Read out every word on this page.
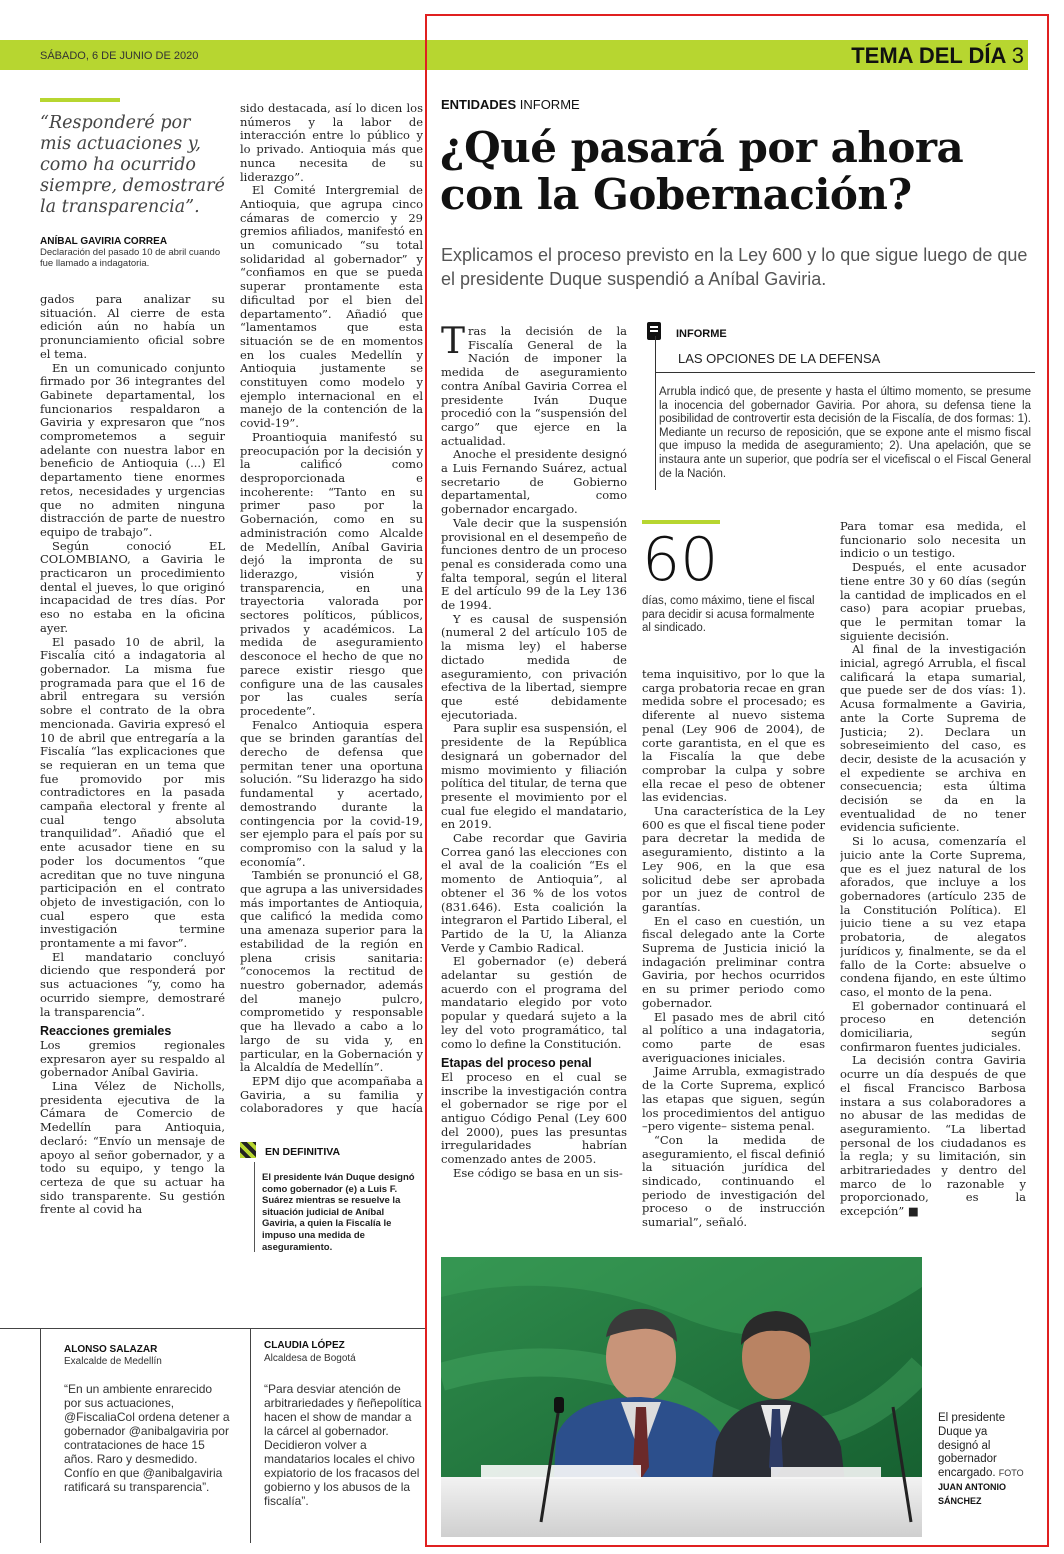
SÁBADO, 6 DE JUNIO DE 2020	TEMA DEL DÍA 3
“Responderé por mis actuaciones y, como ha ocurrido siempre, demostraré la transparencia”.
ANÍBAL GAVIRIA CORREA
Declaración del pasado 10 de abril cuando fue llamado a indagatoria.
gados para analizar su situación. Al cierre de esta edición aún no había un pronunciamiento oficial sobre el tema.
En un comunicado conjunto firmado por 36 integrantes del Gabinete departamental, los funcionarios respaldaron a Gaviria y expresaron que “nos comprometemos a seguir adelante con nuestra labor en beneficio de Antioquia (...) El departamento tiene enormes retos, necesidades y urgencias que no admiten ninguna distracción de parte de nuestro equipo de trabajo”.
Según conoció EL COLOMBIANO, a Gaviria le practicaron un procedimiento dental el jueves, lo que originó incapacidad de tres días. Por eso no estaba en la oficina ayer.
El pasado 10 de abril, la Fiscalía citó a indagatoria al gobernador. La misma fue programada para que el 16 de abril entregara su versión sobre el contrato de la obra mencionada. Gaviria expresó el 10 de abril que entregaría a la Fiscalía “las explicaciones que se requieran en un tema que fue promovido por mis contradictores en la pasada campaña electoral y frente al cual tengo absoluta tranquilidad”. Añadió que el ente acusador tiene en su poder los documentos “que acreditan que no tuve ninguna participación en el contrato objeto de investigación, con lo cual espero que esta investigación termine prontamente a mi favor”.
El mandatario concluyó diciendo que responderá por sus actuaciones “y, como ha ocurrido siempre, demostraré la transparencia”.
Reacciones gremiales
Los gremios regionales expresaron ayer su respaldo al gobernador Aníbal Gaviria.
Lina Vélez de Nicholls, presidenta ejecutiva de la Cámara de Comercio de Medellín para Antioquia, declaró: “Envío un mensaje de apoyo al señor gobernador, y a todo su equipo, y tengo la certeza de que su actuar ha sido transparente. Su gestión frente al covid ha
sido destacada, así lo dicen los números y la labor de interacción entre lo público y lo privado. Antioquia más que nunca necesita de su liderazgo”.
El Comité Intergremial de Antioquia, que agrupa cinco cámaras de comercio y 29 gremios afiliados, manifestó en un comunicado “su total solidaridad al gobernador” y “confiamos en que se pueda superar prontamente esta dificultad por el bien del departamento”. Añadió que “lamentamos que esta situación se de en momentos en los cuales Medellín y Antioquia justamente se constituyen como modelo y ejemplo internacional en el manejo de la contención de la covid-19”.
Proantioquia manifestó su preocupación por la decisión y la calificó como desproporcionada e incoherente: “Tanto en su primer paso por la Gobernación, como en su administración como Alcalde de Medellín, Aníbal Gaviria dejó la impronta de su liderazgo, visión y transparencia, en una trayectoria valorada por sectores políticos, públicos, privados y académicos. La medida de aseguramiento desconoce el hecho de que no parece existir riesgo que configure una de las causales por las cuales sería procedente”.
Fenalco Antioquia espera que se brinden garantías del derecho de defensa que permitan tener una oportuna solución. “Su liderazgo ha sido fundamental y acertado, demostrando durante la contingencia por la covid-19, ser ejemplo para el país por su compromiso con la salud y la economía”.
También se pronunció el G8, que agrupa a las universidades más importantes de Antioquia, que calificó la medida como una amenaza superior para la estabilidad de la región en plena crisis sanitaria: “conocemos la rectitud de nuestro gobernador, además del manejo pulcro, comprometido y responsable que ha llevado a cabo a lo largo de su vida y, en particular, en la Gobernación y la Alcaldía de Medellín”.
EPM dijo que acompañaba a Gaviria, a su familia y colaboradores y que hacía
EN DEFINITIVA
El presidente Iván Duque designó como gobernador (e) a Luis F. Suárez mientras se resuelve la situación judicial de Aníbal Gaviria, a quien la Fiscalía le impuso una medida de aseguramiento.
ALONSO SALAZAR
Exalcalde de Medellín
“En un ambiente enrarecido por sus actuaciones, @FiscaliaCol ordena detener a gobernador @anibalgaviria por contrataciones de hace 15 años. Raro y desmedido. Confío en que @anibalgaviria ratificará su transparencia”.
CLAUDIA LÓPEZ
Alcaldesa de Bogotá
“Para desviar atención de arbitrariedades y ñeñepolítica hacen el show de mandar a la cárcel al gobernador. Decidieron volver a mandatarios locales el chivo expiatorio de los fracasos del gobierno y los abusos de la fiscalía”.
ENTIDADES INFORME
¿Qué pasará por ahora con la Gobernación?
Explicamos el proceso previsto en la Ley 600 y lo que sigue luego de que el presidente Duque suspendió a Aníbal Gaviria.
Tras la decisión de la Fiscalía General de la Nación de imponer la medida de aseguramiento contra Aníbal Gaviria Correa el presidente Iván Duque procedió con la “suspensión del cargo” que ejerce en la actualidad.
Anoche el presidente designó a Luis Fernando Suárez, actual secretario de Gobierno departamental, como gobernador encargado.
Vale decir que la suspensión provisional en el desempeño de funciones dentro de un proceso penal es considerada como una falta temporal, según el literal E del artículo 99 de la Ley 136 de 1994.
Y es causal de suspensión (numeral 2 del artículo 105 de la misma ley) el haberse dictado medida de aseguramiento, con privación efectiva de la libertad, siempre que esté debidamente ejecutoriada.
Para suplir esa suspensión, el presidente de la República designará un gobernador del mismo movimiento y filiación política del titular, de terna que presente el movimiento por el cual fue elegido el mandatario, en 2019.
Cabe recordar que Gaviria Correa ganó las elecciones con el aval de la coalición “Es el momento de Antioquia”, al obtener el 36 % de los votos (831.646). Esta coalición la integraron el Partido Liberal, el Partido de la U, la Alianza Verde y Cambio Radical.
El gobernador (e) deberá adelantar su gestión de acuerdo con el programa del mandatario elegido por voto popular y quedará sujeto a la ley del voto programático, tal como lo define la Constitución.
Etapas del proceso penal
El proceso en el cual se inscribe la investigación contra el gobernador se rige por el antiguo Código Penal (Ley 600 del 2000), pues las presuntas irregularidades habrían comenzado antes de 2005.
Ese código se basa en un sis-
INFORME
LAS OPCIONES DE LA DEFENSA
Arrubla indicó que, de presente y hasta el último momento, se presume la inocencia del gobernador Gaviria. Por ahora, su defensa tiene la posibilidad de controvertir esta decisión de la Fiscalía, de dos formas: 1). Mediante un recurso de reposición, que se expone ante el mismo fiscal que impuso la medida de aseguramiento; 2). Una apelación, que se instaura ante un superior, que podría ser el vicefiscal o el Fiscal General de la Nación.
60
días, como máximo, tiene el fiscal para decidir si acusa formalmente al sindicado.
tema inquisitivo, por lo que la carga probatoria recae en gran medida sobre el procesado; es diferente al nuevo sistema penal (Ley 906 de 2004), de corte garantista, en el que es la Fiscalía la que debe comprobar la culpa y sobre ella recae el peso de obtener las evidencias.
Una característica de la Ley 600 es que el fiscal tiene poder para decretar la medida de aseguramiento, distinto a la Ley 906, en la que esa solicitud debe ser aprobada por un juez de control de garantías.
En el caso en cuestión, un fiscal delegado ante la Corte Suprema de Justicia inició la indagación preliminar contra Gaviria, por hechos ocurridos en su primer periodo como gobernador.
El pasado mes de abril citó al político a una indagatoria, como parte de esas averiguaciones iniciales.
Jaime Arrubla, exmagistrado de la Corte Suprema, explicó las etapas que siguen, según los procedimientos del antiguo –pero vigente– sistema penal.
“Con la medida de aseguramiento, el fiscal definió la situación jurídica del sindicado, continuando el periodo de investigación del proceso o de instrucción sumarial”, señaló.
Para tomar esa medida, el funcionario solo necesita un indicio o un testigo.
Después, el ente acusador tiene entre 30 y 60 días (según la cantidad de implicados en el caso) para acopiar pruebas, que le permitan tomar la siguiente decisión.
Al final de la investigación inicial, agregó Arrubla, el fiscal calificará la etapa sumarial, que puede ser de dos vías: 1). Acusa formalmente a Gaviria, ante la Corte Suprema de Justicia; 2). Declara un sobreseimiento del caso, es decir, desiste de la acusación y el expediente se archiva en consecuencia; esta última decisión se da en la eventualidad de no tener evidencia suficiente.
Si lo acusa, comenzaría el juicio ante la Corte Suprema, que es el juez natural de los aforados, que incluye a los gobernadores (artículo 235 de la Constitución Política). El juicio tiene a su vez etapa probatoria, de alegatos jurídicos y, finalmente, se da el fallo de la Corte: absuelve o condena fijando, en este último caso, el monto de la pena.
El gobernador continuará el proceso en detención domiciliaria, según confirmaron fuentes judiciales.
La decisión contra Gaviria ocurre un día después de que el fiscal Francisco Barbosa instara a sus colaboradores a no abusar de las medidas de aseguramiento. “La libertad personal de los ciudadanos es la regla; y su limitación, sin arbitrariedades y dentro del marco de lo razonable y proporcionado, es la excepción” ■
El presidente Duque ya designó al gobernador encargado. FOTO
JUAN ANTONIO SÁNCHEZ
